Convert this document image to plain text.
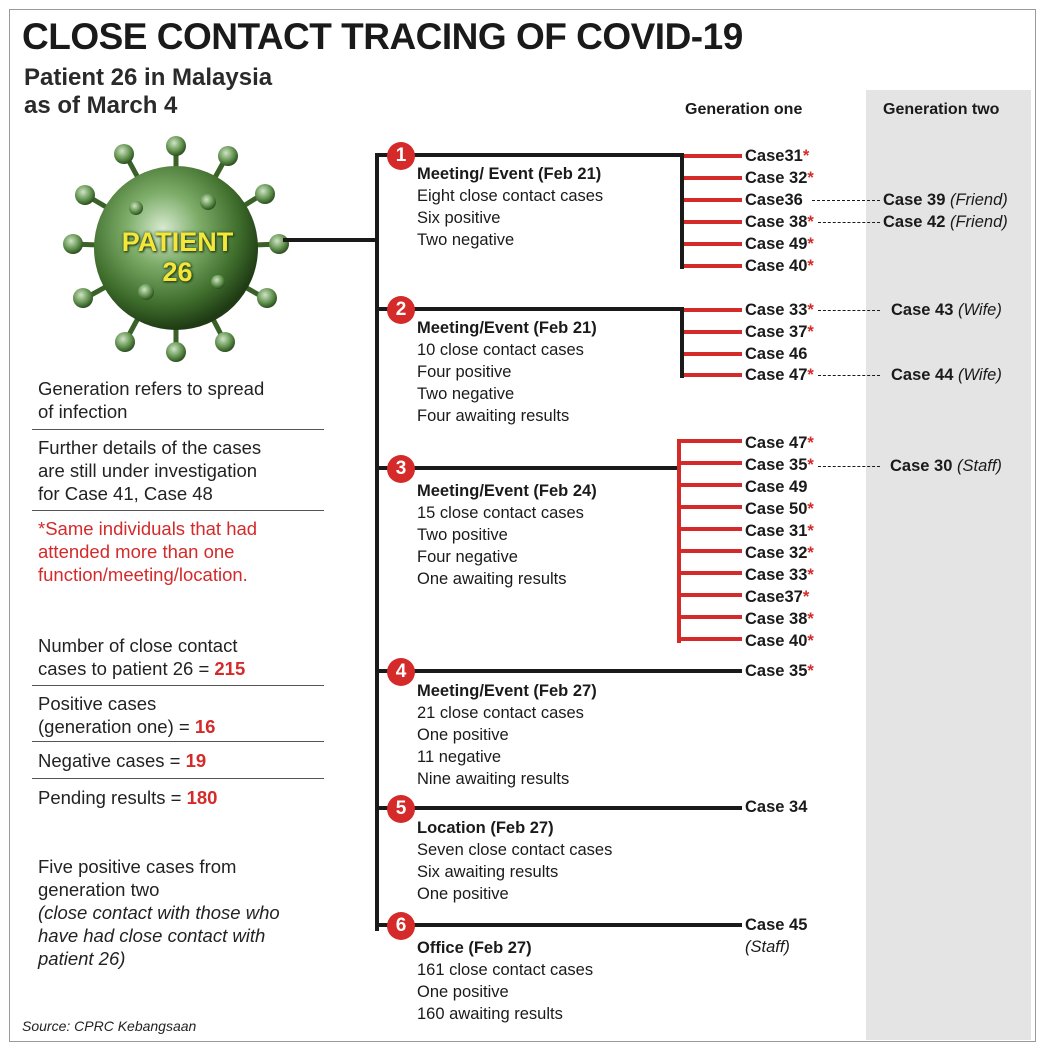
CLOSE CONTACT TRACING OF COVID-19
Patient 26 in Malaysia
as of March 4	Generation one	Generation two
PATIENT
26
Generation refers to spread
of infection
Further details of the cases
are still under investigation
for Case 41, Case 48
*Same individuals that had
attended more than one
function/meeting/location.
Number of close contact
cases to patient 26 = 215
Positive cases
(generation one) = 16
Negative cases = 19
Pending results = 180
Five positive cases from
generation two
(close contact with those who
have had close contact with
patient 26)
Source: CPRC Kebangsaan
1
2
3
4
5
6
Meeting/ Event (Feb 21)
Eight close contact cases
Six positive
Two negative
Meeting/Event (Feb 21)
10 close contact cases
Four positive
Two negative
Four awaiting results
Meeting/Event (Feb 24)
15 close contact cases
Two positive
Four negative
One awaiting results
Meeting/Event (Feb 27)
21 close contact cases
One positive
11 negative
Nine awaiting results
Location (Feb 27)
Seven close contact cases
Six awaiting results
One positive
Office (Feb 27)
161 close contact cases
One positive
160 awaiting results
Case31*
Case 32*
Case36
Case 38*
Case 49*
Case 40*
Case 33*
Case 37*
Case 46
Case 47*
Case 47*
Case 35*
Case 49
Case 50*
Case 31*
Case 32*
Case 33*
Case37*
Case 38*
Case 40*
Case 35*
Case 34
Case 45
(Staff)
Case 39 (Friend)
Case 42 (Friend)
Case 43 (Wife)
Case 44 (Wife)
Case 30 (Staff)
